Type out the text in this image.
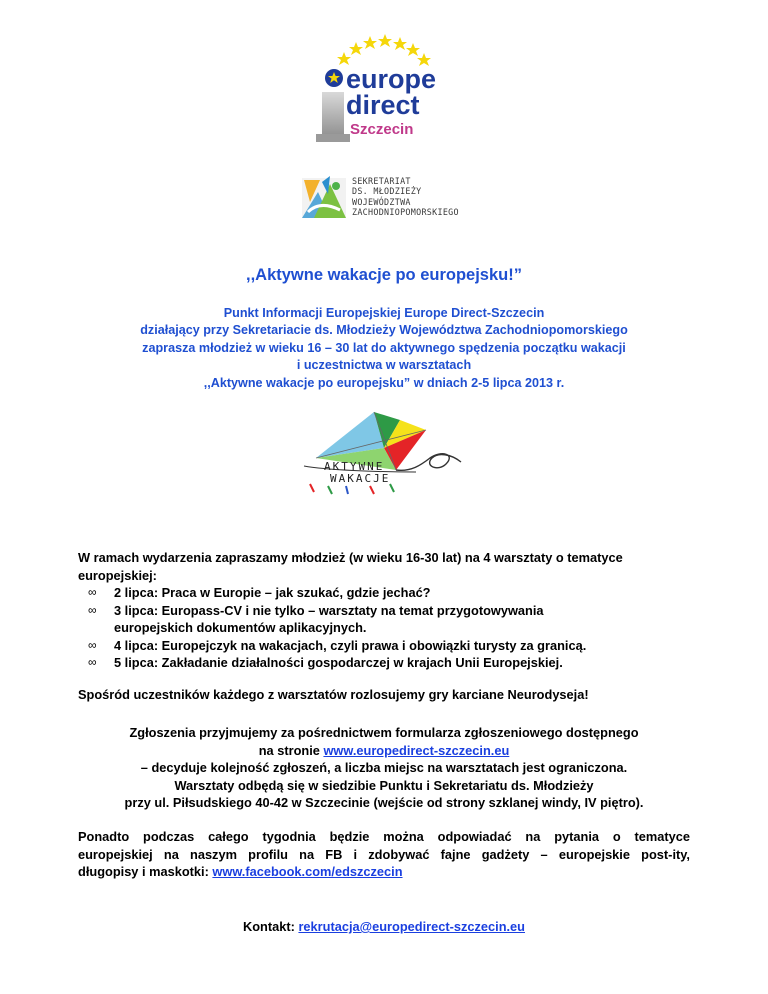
europe
direct
Szczecin
SEKRETARIAT
DS. MŁODZIEŻY
WOJEWÓDZTWA
ZACHODNIOPOMORSKIEGO
,,Aktywne wakacje po europejsku!”
Punkt Informacji Europejskiej Europe Direct-Szczecin
działający przy Sekretariacie ds. Młodzieży Województwa Zachodniopomorskiego
zaprasza młodzież w wieku 16 – 30 lat do aktywnego spędzenia początku wakacji
i uczestnictwa w warsztatach
,,Aktywne wakacje po europejsku” w dniach 2-5 lipca 2013 r.
AKTYWNE
WAKACJE
W ramach wydarzenia zapraszamy młodzież (w wieku 16-30 lat) na 4 warsztaty o tematyce
europejskiej:
∞ 2 lipca: Praca w Europie – jak szukać, gdzie jechać?
∞ 3 lipca: Europass-CV i nie tylko – warsztaty na temat przygotowywania
europejskich dokumentów aplikacyjnych.
∞ 4 lipca: Europejczyk na wakacjach, czyli prawa i obowiązki turysty za granicą.
∞ 5 lipca: Zakładanie działalności gospodarczej w krajach Unii Europejskiej.
Spośród uczestników każdego z warsztatów rozlosujemy gry karciane Neurodyseja!
Zgłoszenia przyjmujemy za pośrednictwem formularza zgłoszeniowego dostępnego
na stronie www.europedirect-szczecin.eu
– decyduje kolejność zgłoszeń, a liczba miejsc na warsztatach jest ograniczona.
Warsztaty odbędą się w siedzibie Punktu i Sekretariatu ds. Młodzieży
przy ul. Piłsudskiego 40-42 w Szczecinie (wejście od strony szklanej windy, IV piętro).
Ponadto podczas całego tygodnia będzie można odpowiadać na pytania o tematyce
europejskiej na naszym profilu na FB i zdobywać fajne gadżety – europejskie post-ity,
długopisy i maskotki: www.facebook.com/edszczecin
Kontakt: rekrutacja@europedirect-szczecin.eu
